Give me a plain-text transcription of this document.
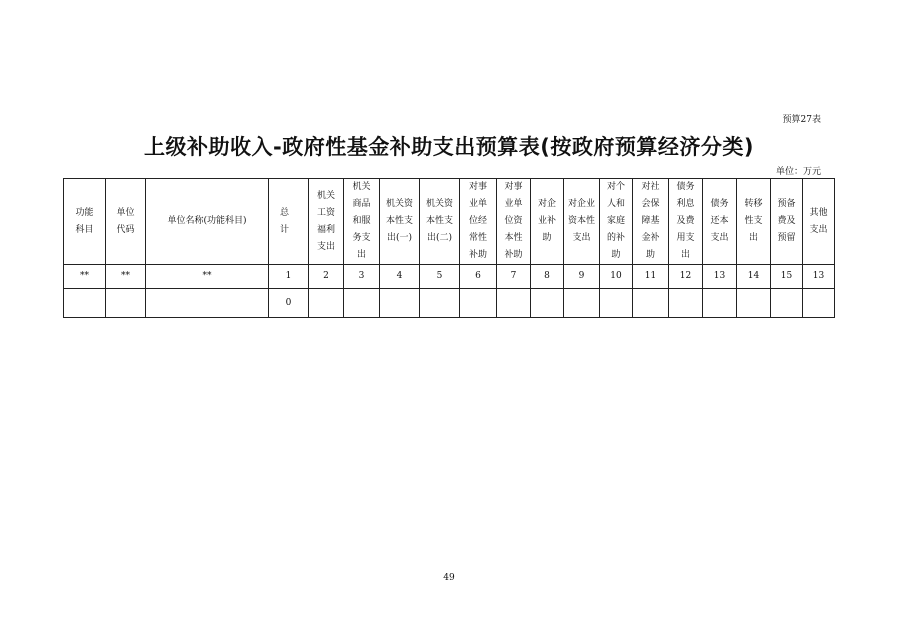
预算27表
上级补助收入-政府性基金补助支出预算表(按政府预算经济分类)
单位：万元
功能科目	单位代码	单位名称(功能科目)	总 计	机关工资福利支出	机关商品和服务支出	机关资本性支出(一)	机关资本性支出(二)	对事业单位经常性补助	对事业单位资本性补助	对企业补助	对企业资本性支出	对个人和家庭的补助	对社会保障基金补助	债务利息及费用支出	债务还本支出	转移性支出	预备费及预留	其他支出
**	**	**	1	2	3	4	5	6	7	8	9	10	11	12	13	14	15	13
			0															
49
